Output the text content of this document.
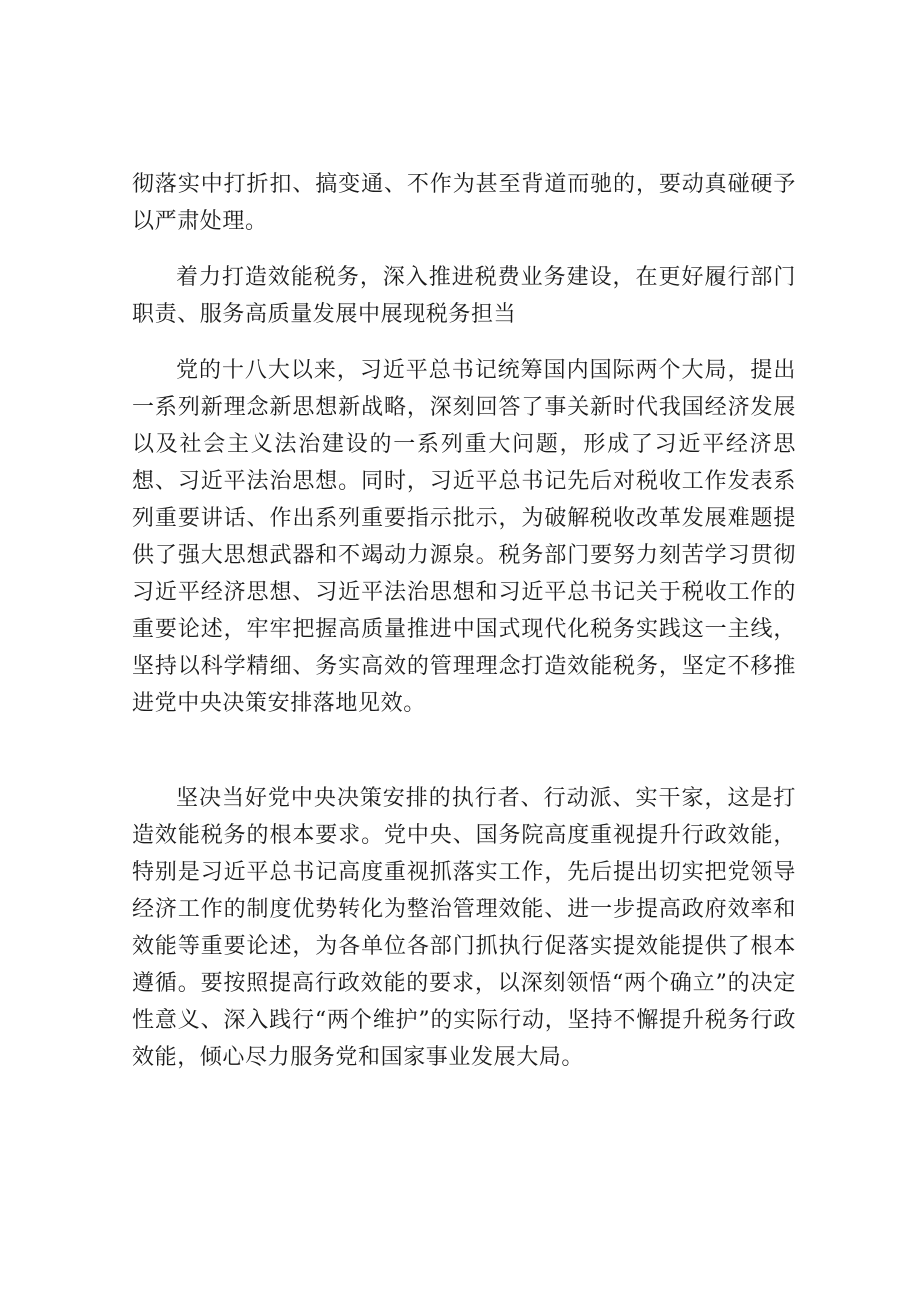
彻落实中打折扣、搞变通、不作为甚至背道而驰的，要动真碰硬予以严肃处理。

着力打造效能税务，深入推进税费业务建设，在更好履行部门职责、服务高质量发展中展现税务担当

党的十八大以来，习近平总书记统筹国内国际两个大局，提出一系列新理念新思想新战略，深刻回答了事关新时代我国经济发展以及社会主义法治建设的一系列重大问题，形成了习近平经济思想、习近平法治思想。同时，习近平总书记先后对税收工作发表系列重要讲话、作出系列重要指示批示，为破解税收改革发展难题提供了强大思想武器和不竭动力源泉。税务部门要努力刻苦学习贯彻习近平经济思想、习近平法治思想和习近平总书记关于税收工作的重要论述，牢牢把握高质量推进中国式现代化税务实践这一主线，坚持以科学精细、务实高效的管理理念打造效能税务，坚定不移推进党中央决策安排落地见效。

坚决当好党中央决策安排的执行者、行动派、实干家，这是打造效能税务的根本要求。党中央、国务院高度重视提升行政效能，特别是习近平总书记高度重视抓落实工作，先后提出切实把党领导经济工作的制度优势转化为整治管理效能、进一步提高政府效率和效能等重要论述，为各单位各部门抓执行促落实提效能提供了根本遵循。要按照提高行政效能的要求，以深刻领悟“两个确立”的决定性意义、深入践行“两个维护”的实际行动，坚持不懈提升税务行政效能，倾心尽力服务党和国家事业发展大局。
